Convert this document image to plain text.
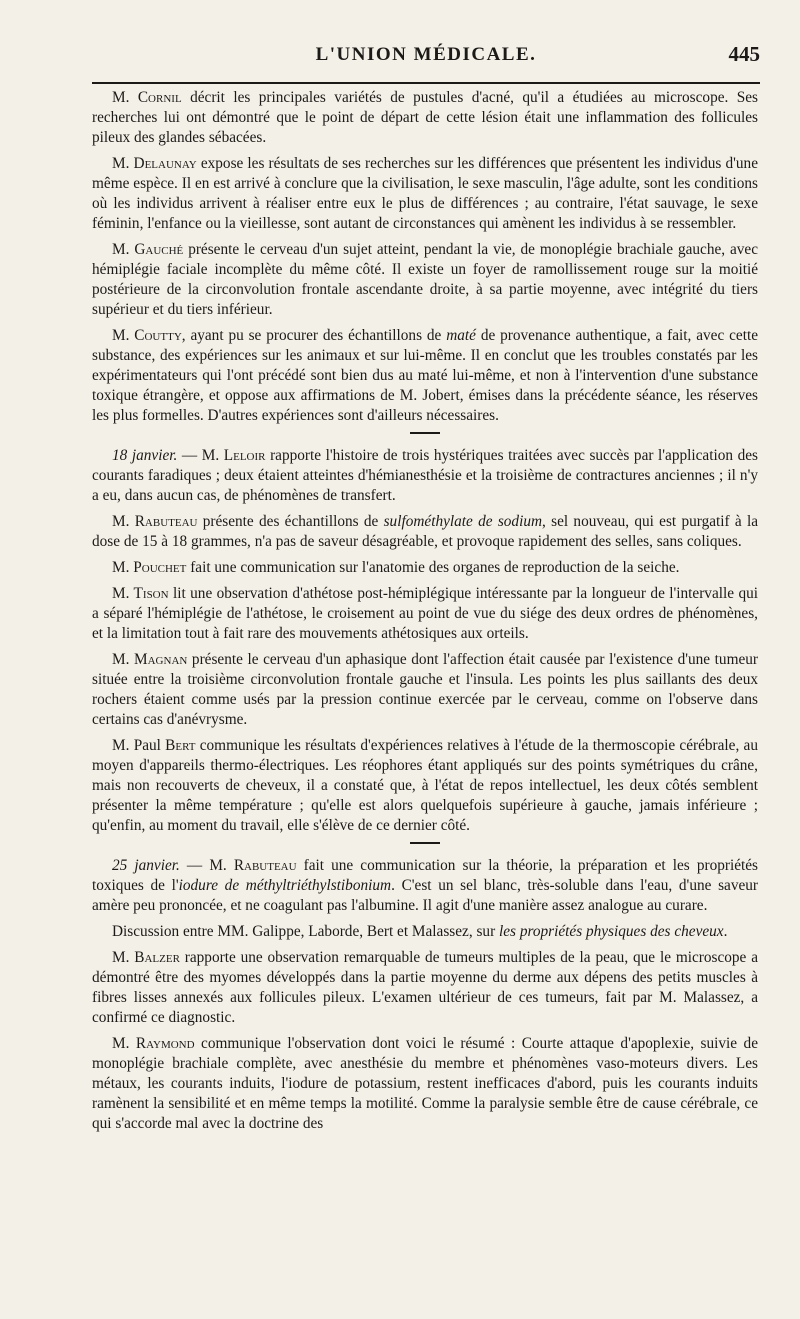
L'UNION MÉDICALE.	445

M. Cornil décrit les principales variétés de pustules d'acné, qu'il a étudiées au microscope. Ses recherches lui ont démontré que le point de départ de cette lésion était une inflammation des follicules pileux des glandes sébacées.

M. Delaunay expose les résultats de ses recherches sur les différences que présentent les individus d'une même espèce. Il en est arrivé à conclure que la civilisation, le sexe masculin, l'âge adulte, sont les conditions où les individus arrivent à réaliser entre eux le plus de différences ; au contraire, l'état sauvage, le sexe féminin, l'enfance ou la vieillesse, sont autant de circonstances qui amènent les individus à se ressembler.

M. Gauché présente le cerveau d'un sujet atteint, pendant la vie, de monoplégie brachiale gauche, avec hémiplégie faciale incomplète du même côté. Il existe un foyer de ramollissement rouge sur la moitié postérieure de la circonvolution frontale ascendante droite, à sa partie moyenne, avec intégrité du tiers supérieur et du tiers inférieur.

M. Coutty, ayant pu se procurer des échantillons de maté de provenance authentique, a fait, avec cette substance, des expériences sur les animaux et sur lui-même. Il en conclut que les troubles constatés par les expérimentateurs qui l'ont précédé sont bien dus au maté lui-même, et non à l'intervention d'une substance toxique étrangère, et oppose aux affirmations de M. Jobert, émises dans la précédente séance, les réserves les plus formelles. D'autres expériences sont d'ailleurs nécessaires.

18 janvier. — M. Leloir rapporte l'histoire de trois hystériques traitées avec succès par l'application des courants faradiques ; deux étaient atteintes d'hémianesthésie et la troisième de contractures anciennes ; il n'y a eu, dans aucun cas, de phénomènes de transfert.

M. Rabuteau présente des échantillons de sulfométhylate de sodium, sel nouveau, qui est purgatif à la dose de 15 à 18 grammes, n'a pas de saveur désagréable, et provoque rapidement des selles, sans coliques.

M. Pouchet fait une communication sur l'anatomie des organes de reproduction de la seiche.

M. Tison lit une observation d'athétose post-hémiplégique intéressante par la longueur de l'intervalle qui a séparé l'hémiplégie de l'athétose, le croisement au point de vue du siége des deux ordres de phénomènes, et la limitation tout à fait rare des mouvements athétosiques aux orteils.

M. Magnan présente le cerveau d'un aphasique dont l'affection était causée par l'existence d'une tumeur située entre la troisième circonvolution frontale gauche et l'insula. Les points les plus saillants des deux rochers étaient comme usés par la pression continue exercée par le cerveau, comme on l'observe dans certains cas d'anévrysme.

M. Paul Bert communique les résultats d'expériences relatives à l'étude de la thermoscopie cérébrale, au moyen d'appareils thermo-électriques. Les réophores étant appliqués sur des points symétriques du crâne, mais non recouverts de cheveux, il a constaté que, à l'état de repos intellectuel, les deux côtés semblent présenter la même température ; qu'elle est alors quelquefois supérieure à gauche, jamais inférieure ; qu'enfin, au moment du travail, elle s'élève de ce dernier côté.

25 janvier. — M. Rabuteau fait une communication sur la théorie, la préparation et les propriétés toxiques de l'iodure de méthyltriéthylstibonium. C'est un sel blanc, très-soluble dans l'eau, d'une saveur amère peu prononcée, et ne coagulant pas l'albumine. Il agit d'une manière assez analogue au curare.

Discussion entre MM. Galippe, Laborde, Bert et Malassez, sur les propriétés physiques des cheveux.

M. Balzer rapporte une observation remarquable de tumeurs multiples de la peau, que le microscope a démontré être des myomes développés dans la partie moyenne du derme aux dépens des petits muscles à fibres lisses annexés aux follicules pileux. L'examen ultérieur de ces tumeurs, fait par M. Malassez, a confirmé ce diagnostic.

M. Raymond communique l'observation dont voici le résumé : Courte attaque d'apoplexie, suivie de monoplégie brachiale complète, avec anesthésie du membre et phénomènes vaso-moteurs divers. Les métaux, les courants induits, l'iodure de potassium, restent inefficaces d'abord, puis les courants induits ramènent la sensibilité et en même temps la motilité. Comme la paralysie semble être de cause cérébrale, ce qui s'accorde mal avec la doctrine des
